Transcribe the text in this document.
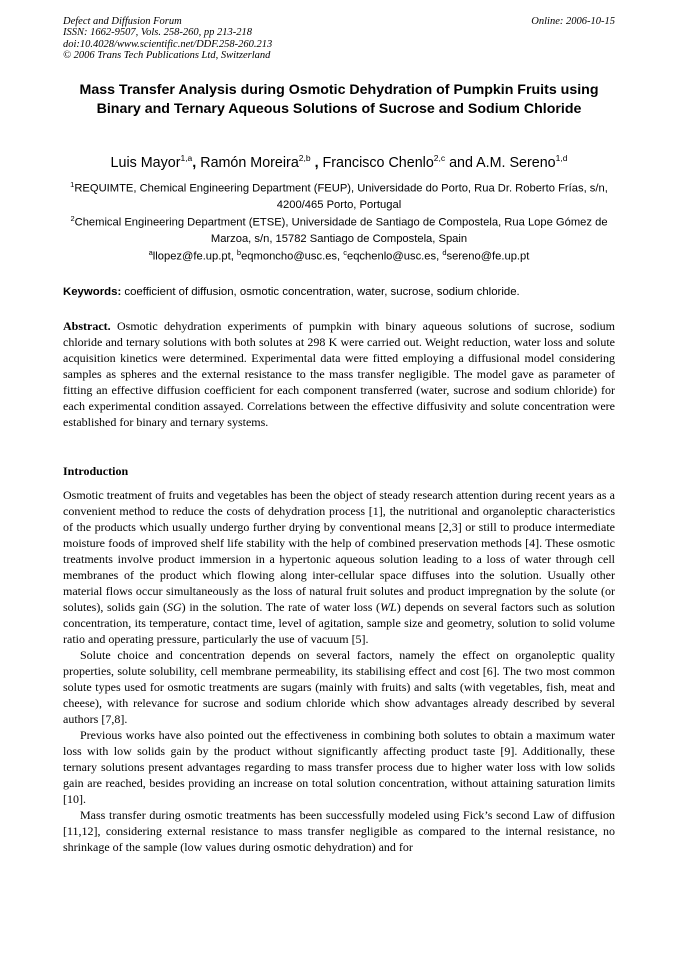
Defect and Diffusion Forum
ISSN: 1662-9507, Vols. 258-260, pp 213-218
doi:10.4028/www.scientific.net/DDF.258-260.213
© 2006 Trans Tech Publications Ltd, Switzerland
Online: 2006-10-15
Mass Transfer Analysis during Osmotic Dehydration of Pumpkin Fruits using Binary and Ternary Aqueous Solutions of Sucrose and Sodium Chloride
Luis Mayor$^{1,a}$, Ramón Moreira$^{2,b}$ , Francisco Chenlo$^{2,c}$ and A.M. Sereno$^{1,d}$
$^1$REQUIMTE, Chemical Engineering Department (FEUP), Universidade do Porto, Rua Dr. Roberto Frías, s/n, 4200/465 Porto, Portugal
$^2$Chemical Engineering Department (ETSE), Universidade de Santiago de Compostela, Rua Lope Gómez de Marzoa, s/n, 15782 Santiago de Compostela, Spain
$^a$llopez@fe.up.pt, $^b$eqmoncho@usc.es, $^c$eqchenlo@usc.es, $^d$sereno@fe.up.pt
Keywords: coefficient of diffusion, osmotic concentration, water, sucrose, sodium chloride.
Abstract. Osmotic dehydration experiments of pumpkin with binary aqueous solutions of sucrose, sodium chloride and ternary solutions with both solutes at 298 K were carried out. Weight reduction, water loss and solute acquisition kinetics were determined. Experimental data were fitted employing a diffusional model considering samples as spheres and the external resistance to the mass transfer negligible. The model gave as parameter of fitting an effective diffusion coefficient for each component transferred (water, sucrose and sodium chloride) for each experimental condition assayed. Correlations between the effective diffusivity and solute concentration were established for binary and ternary systems.
Introduction

Osmotic treatment of fruits and vegetables has been the object of steady research attention during recent years as a convenient method to reduce the costs of dehydration process [1], the nutritional and organoleptic characteristics of the products which usually undergo further drying by conventional means [2,3] or still to produce intermediate moisture foods of improved shelf life stability with the help of combined preservation methods [4]. These osmotic treatments involve product immersion in a hypertonic aqueous solution leading to a loss of water through cell membranes of the product which flowing along inter-cellular space diffuses into the solution. Usually other material flows occur simultaneously as the loss of natural fruit solutes and product impregnation by the solute (or solutes), solids gain (SG) in the solution. The rate of water loss (WL) depends on several factors such as solution concentration, its temperature, contact time, level of agitation, sample size and geometry, solution to solid volume ratio and operating pressure, particularly the use of vacuum [5].

Solute choice and concentration depends on several factors, namely the effect on organoleptic quality properties, solute solubility, cell membrane permeability, its stabilising effect and cost [6]. The two most common solute types used for osmotic treatments are sugars (mainly with fruits) and salts (with vegetables, fish, meat and cheese), with relevance for sucrose and sodium chloride which show advantages already described by several authors [7,8].

Previous works have also pointed out the effectiveness in combining both solutes to obtain a maximum water loss with low solids gain by the product without significantly affecting product taste [9]. Additionally, these ternary solutions present advantages regarding to mass transfer process due to higher water loss with low solids gain are reached, besides providing an increase on total solution concentration, without attaining saturation limits [10].

Mass transfer during osmotic treatments has been successfully modeled using Fick’s second Law of diffusion [11,12], considering external resistance to mass transfer negligible as compared to the internal resistance, no shrinkage of the sample (low values during osmotic dehydration) and for
